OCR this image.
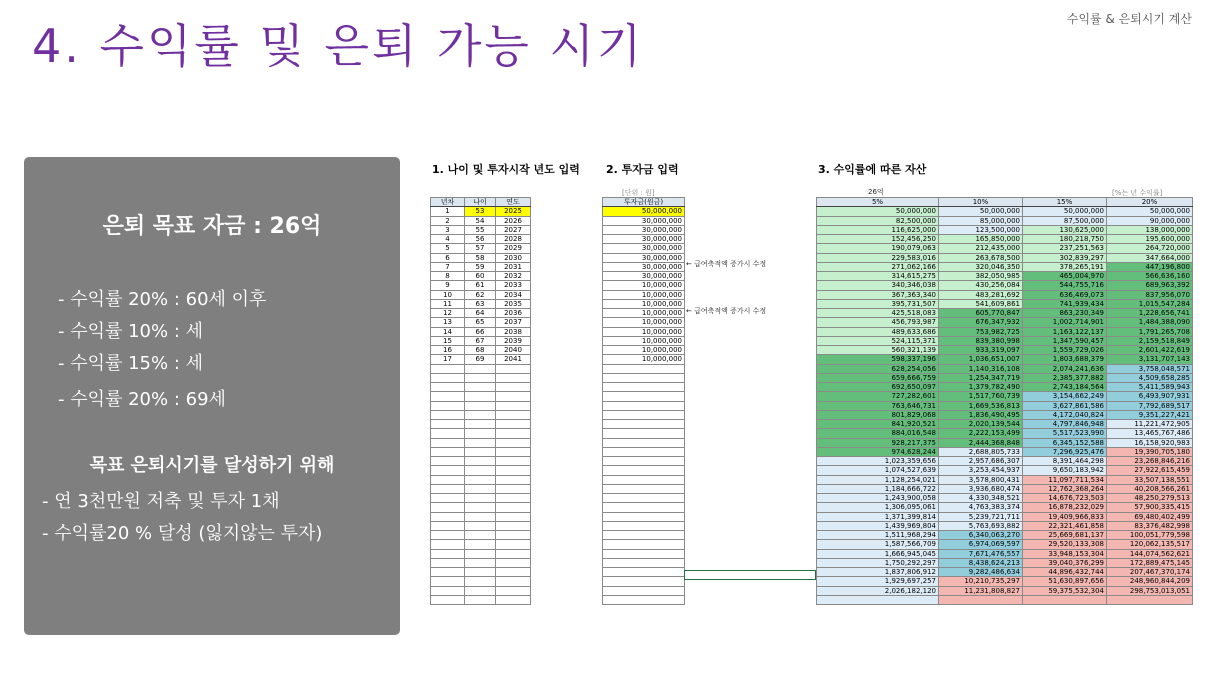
수익률 & 은퇴시기 계산
4. 수익률 및 은퇴 가능 시기
은퇴 목표 자금 : 26억
- 수익률 20% : 60세 이후
- 수익률 10% : 세
- 수익률 15% : 세
- 수익률 20% : 69세
목표 은퇴시기를 달성하기 위해
- 연 3천만원 저축 및 투자 1채
- 수익률20 % 달성 (잃지않는 투자)
1. 나이 및 투자시작 년도 입력 2. 투자금 입력	3. 수익률에 따른 자산
[단위 : 원]	26억	[%는 년 수익률]
년차	나이	연도
1	53	2025
2	54	2026
3	55	2027
4	56	2028
5	57	2029
6	58	2030
7	59	2031
8	60	2032
9	61	2033
10	62	2034
11	63	2035
12	64	2036
13	65	2037
14	66	2038
15	67	2039
16	68	2040
17	69	2041

투자금(원금)
50,000,000
30,000,000
30,000,000
30,000,000
30,000,000
30,000,000
30,000,000
30,000,000
10,000,000
10,000,000
10,000,000
10,000,000
10,000,000
10,000,000
10,000,000
10,000,000
10,000,000

← 급여축적액 증가시 수정
← 급여축적액 증가시 수정
5%	10%	15%	20%
50,000,000	50,000,000	50,000,000	50,000,000
82,500,000	85,000,000	87,500,000	90,000,000
116,625,000	123,500,000	130,625,000	138,000,000
152,456,250	165,850,000	180,218,750	195,600,000
190,079,063	212,435,000	237,251,563	264,720,000
229,583,016	263,678,500	302,839,297	347,664,000
271,062,166	320,046,350	378,265,191	447,196,800
314,615,275	382,050,985	465,004,970	566,636,160
340,346,038	430,256,084	544,755,716	689,963,392
367,363,340	483,281,692	636,469,073	837,956,070
395,731,507	541,609,861	741,939,434	1,015,547,284
425,518,083	605,770,847	863,230,349	1,228,656,741
456,793,987	676,347,932	1,002,714,901	1,484,388,090
489,633,686	753,982,725	1,163,122,137	1,791,265,708
524,115,371	839,380,998	1,347,590,457	2,159,518,849
560,321,139	933,319,097	1,559,729,026	2,601,422,619
598,337,196	1,036,651,007	1,803,688,379	3,131,707,143
628,254,056	1,140,316,108	2,074,241,636	3,758,048,571
659,666,759	1,254,347,719	2,385,377,882	4,509,658,285
692,650,097	1,379,782,490	2,743,184,564	5,411,589,943
727,282,601	1,517,760,739	3,154,662,249	6,493,907,931
763,646,731	1,669,536,813	3,627,861,586	7,792,689,517
801,829,068	1,836,490,495	4,172,040,824	9,351,227,421
841,920,521	2,020,139,544	4,797,846,948	11,221,472,905
884,016,548	2,222,153,499	5,517,523,990	13,465,767,486
928,217,375	2,444,368,848	6,345,152,588	16,158,920,983
974,628,244	2,688,805,733	7,296,925,476	19,390,705,180
1,023,359,656	2,957,686,307	8,391,464,298	23,268,846,216
1,074,527,639	3,253,454,937	9,650,183,942	27,922,615,459
1,128,254,021	3,578,800,431	11,097,711,534	33,507,138,551
1,184,666,722	3,936,680,474	12,762,368,264	40,208,566,261
1,243,900,058	4,330,348,521	14,676,723,503	48,250,279,513
1,306,095,061	4,763,383,374	16,878,232,029	57,900,335,415
1,371,399,814	5,239,721,711	19,409,966,833	69,480,402,499
1,439,969,804	5,763,693,882	22,321,461,858	83,376,482,998
1,511,968,294	6,340,063,270	25,669,681,137	100,051,779,598
1,587,566,709	6,974,069,597	29,520,133,308	120,062,135,517
1,666,945,045	7,671,476,557	33,948,153,304	144,074,562,621
1,750,292,297	8,438,624,213	39,040,376,299	172,889,475,145
1,837,806,912	9,282,486,634	44,896,432,744	207,467,370,174
1,929,697,257	10,210,735,297	51,630,897,656	248,960,844,209
2,026,182,120	11,231,808,827	59,375,532,304	298,753,013,051
